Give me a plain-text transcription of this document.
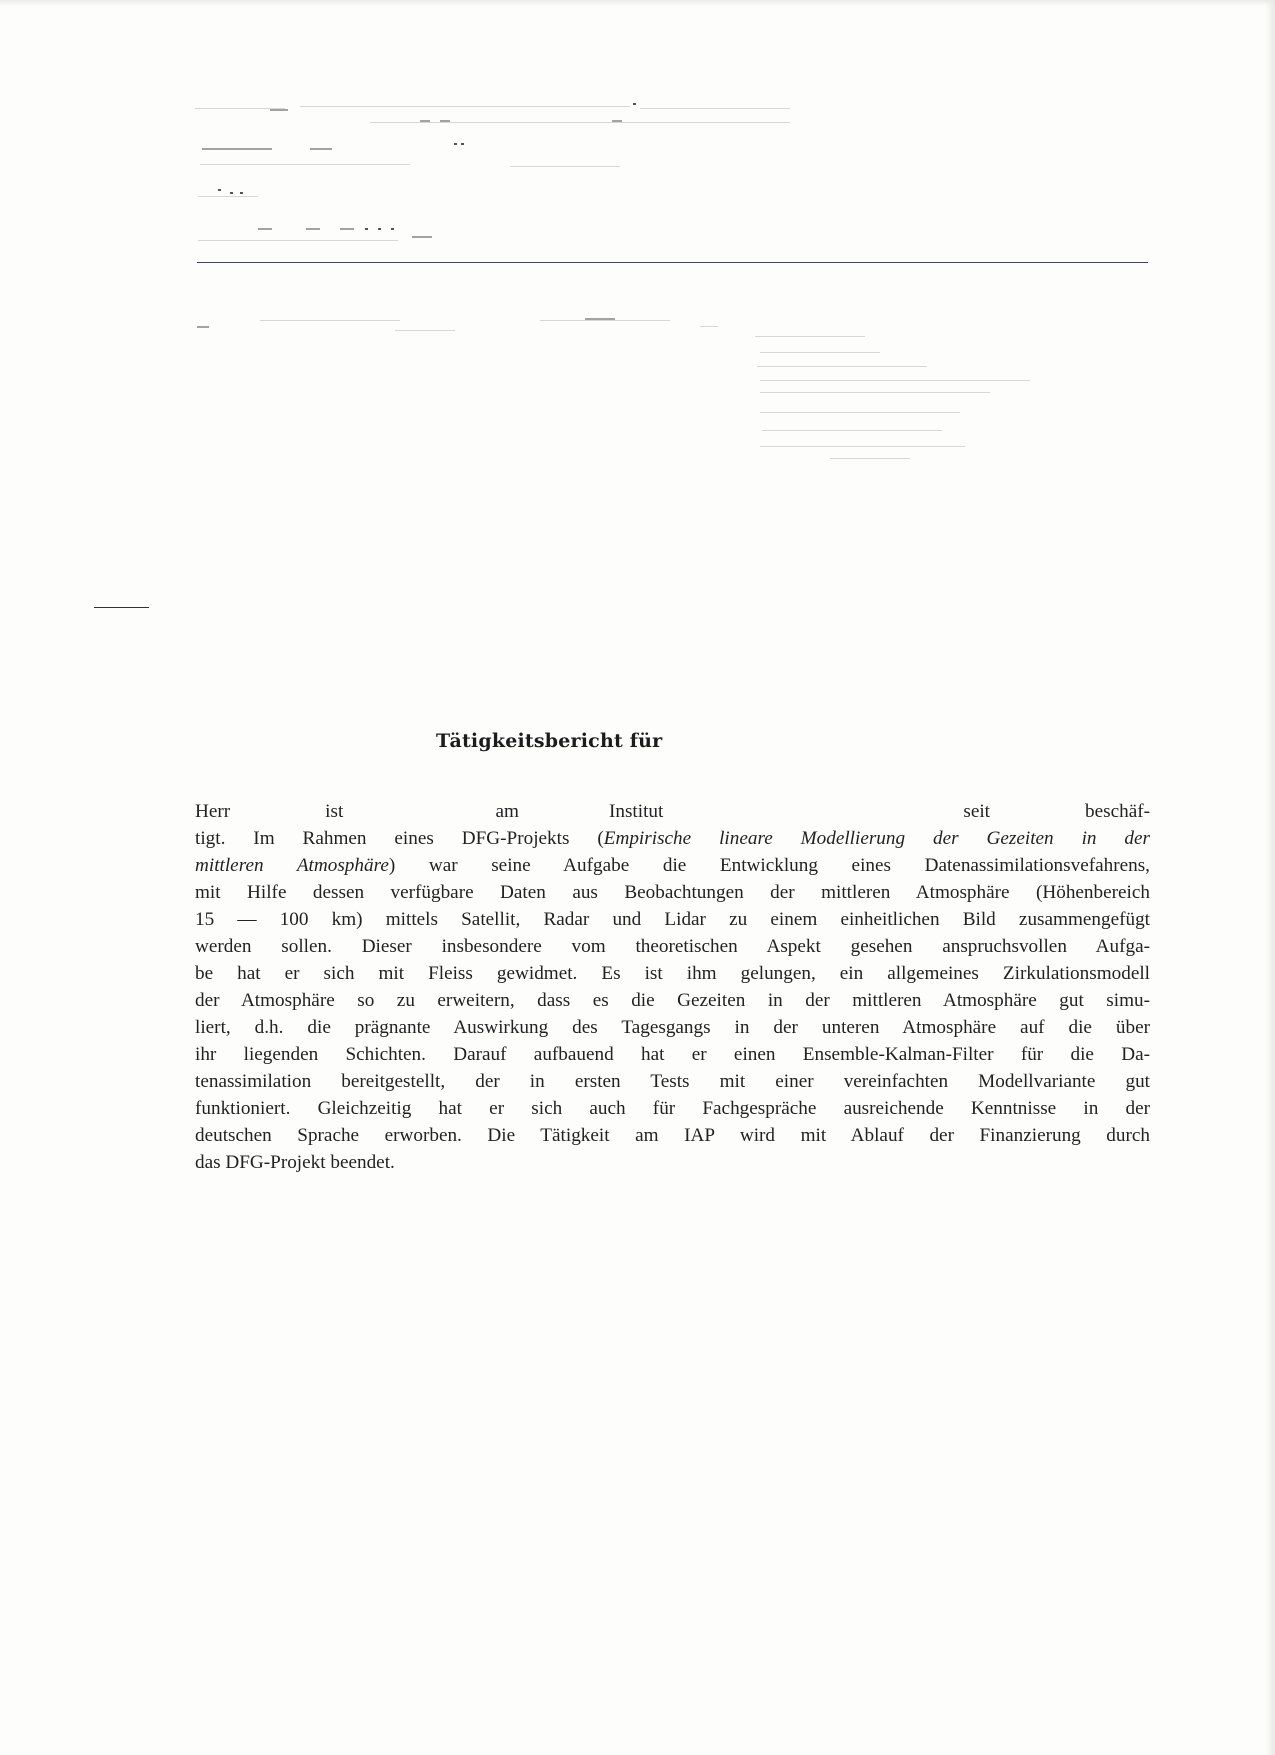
Tätigkeitsbericht für
Herr	ist am	Institut	seit	beschäf-
tigt. Im Rahmen eines DFG-Projekts (Empirische lineare Modellierung der Gezeiten in der
mittleren Atmosphäre) war seine Aufgabe die Entwicklung eines Datenassimilationsvefahrens,
mit Hilfe dessen verfügbare Daten aus Beobachtungen der mittleren Atmosphäre (Höhenbereich
15 — 100 km) mittels Satellit, Radar und Lidar zu einem einheitlichen Bild zusammengefügt
werden sollen. Dieser insbesondere vom theoretischen Aspekt gesehen anspruchsvollen Aufga-
be hat er sich mit Fleiss gewidmet. Es ist ihm gelungen, ein allgemeines Zirkulationsmodell
der Atmosphäre so zu erweitern, dass es die Gezeiten in der mittleren Atmosphäre gut simu-
liert, d.h. die prägnante Auswirkung des Tagesgangs in der unteren Atmosphäre auf die über
ihr liegenden Schichten. Darauf aufbauend hat er einen Ensemble-Kalman-Filter für die Da-
tenassimilation bereitgestellt, der in ersten Tests mit einer vereinfachten Modellvariante gut
funktioniert. Gleichzeitig hat er sich auch für Fachgespräche ausreichende Kenntnisse in der
deutschen Sprache erworben. Die Tätigkeit am IAP wird mit Ablauf der Finanzierung durch
das DFG-Projekt beendet.
